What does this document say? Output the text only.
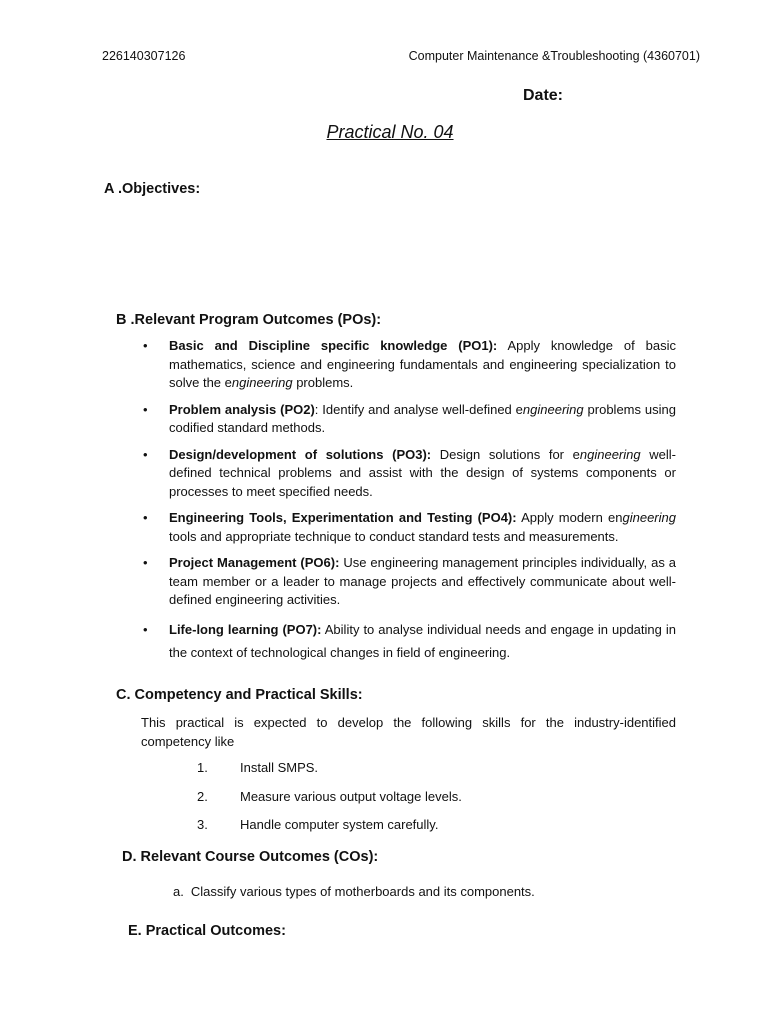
226140307126	Computer Maintenance &Troubleshooting (4360701)
Date:
Practical No. 04
A .Objectives:
B .Relevant Program Outcomes (POs):
• Basic and Discipline specific knowledge (PO1): Apply knowledge of basic mathematics, science and engineering fundamentals and engineering specialization to solve the engineering problems.
• Problem analysis (PO2): Identify and analyse well-defined engineering problems using codified standard methods.
• Design/development of solutions (PO3): Design solutions for engineering well-defined technical problems and assist with the design of systems components or processes to meet specified needs.
• Engineering Tools, Experimentation and Testing (PO4): Apply modern engineering tools and appropriate technique to conduct standard tests and measurements.
• Project Management (PO6): Use engineering management principles individually, as a team member or a leader to manage projects and effectively communicate about well-defined engineering activities.
• Life-long learning (PO7): Ability to analyse individual needs and engage in updating in the context of technological changes in field of engineering.
C. Competency and Practical Skills:
This practical is expected to develop the following skills for the industry-identified competency like
1.	Install SMPS.
2.	Measure various output voltage levels.
3.	Handle computer system carefully.
D. Relevant Course Outcomes (COs):
a. Classify various types of motherboards and its components.
E. Practical Outcomes:
